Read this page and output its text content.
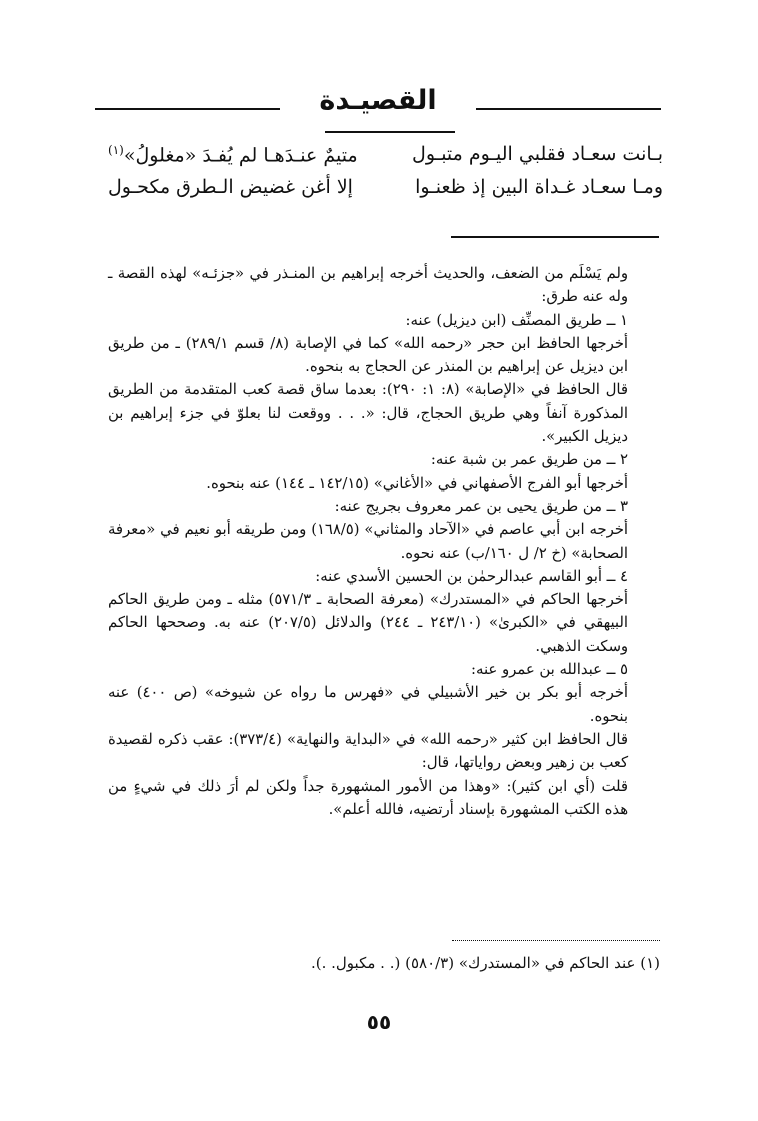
القصيـدة
بـانت سعـاد فقلبي اليـوم متبـول
متيمٌ عنـدَهـا لم يُفـدَ «مغلولُ»$^{(١)}$
ومـا سعـاد غـداة البين إذ ظعنـوا
إلا أغن غضيض الـطرق مكحـول

ولم يَسْلَم من الضعف، والحديث أخرجه إبراهيم بن المنـذر في «جزئـه» لهذه القصة ـ وله عنه طرق:

١ ــ طريق المصنِّف (ابن ديزيل) عنه:

أخرجها الحافظ ابن حجر «رحمه الله» كما في الإصابة (٨/ قسم ٢٨٩/١) ـ من طريق ابن ديزيل عن إبراهيم بن المنذر عن الحجاج به بنحوه.

قال الحافظ في «الإصابة» (٨: ١: ٢٩٠): بعدما ساق قصة كعب المتقدمة من الطريق المذكورة آنفاً وهي طريق الحجاج، قال: «. . . ووقعت لنا بعلوّ في جزء إبراهيم بن ديزيل الكبير».

٢ ــ من طريق عمر بن شبة عنه:

أخرجها أبو الفرج الأصفهاني في «الأغاني» (١٤٢/١٥ ـ ١٤٤) عنه بنحوه.

٣ ــ من طريق يحيى بن عمر معروف بجريج عنه:

أخرجه ابن أبي عاصم في «الآحاد والمثاني» (١٦٨/٥) ومن طريقه أبو نعيم في «معرفة الصحابة» (خ ٢/ ل ١٦٠/ب) عنه نحوه.

٤ ــ أبو القاسم عبدالرحمٰن بن الحسين الأسدي عنه:

أخرجها الحاكم في «المستدرك» (معرفة الصحابة ـ ٥٧١/٣) مثله ـ ومن طريق الحاكم البيهقي في «الكبرىٰ» (٢٤٣/١٠ ـ ٢٤٤) والدلائل (٢٠٧/٥) عنه به. وصححها الحاكم وسكت الذهبي.

٥ ــ عبدالله بن عمرو عنه:

أخرجه أبو بكر بن خير الأشبيلي في «فهرس ما رواه عن شيوخه» (ص ٤٠٠) عنه بنحوه.

قال الحافظ ابن كثير «رحمه الله» في «البداية والنهاية» (٣٧٣/٤): عقب ذكره لقصيدة كعب بن زهير وبعض رواياتها، قال:

قلت (أي ابن كثير): «وهذا من الأمور المشهورة جداً ولكن لم أرَ ذلك في شيءٍ من هذه الكتب المشهورة بإسناد أرتضيه، فالله أعلم».

(١) عند الحاكم في «المستدرك» (٥٨٠/٣) (. . مكبول. .).
٥٥
